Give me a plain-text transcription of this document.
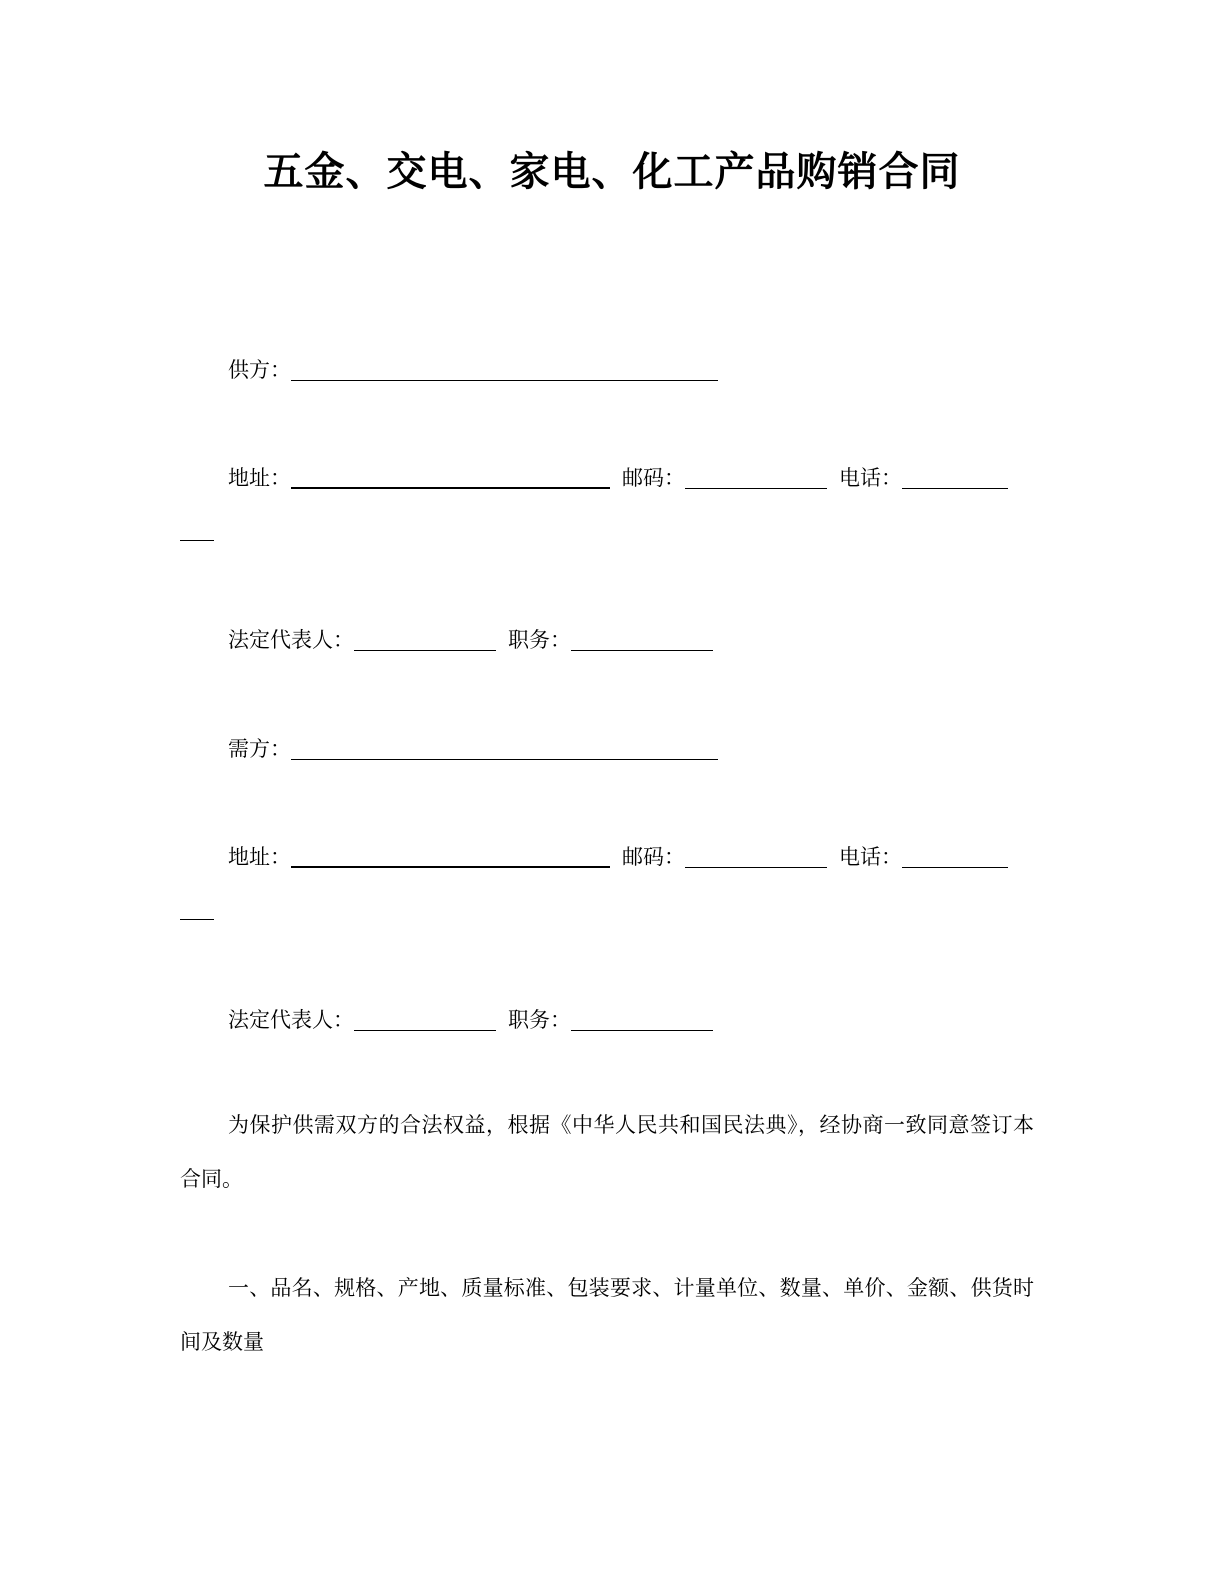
五金、交电、家电、化工产品购销合同
供方：
地址：	邮码：	电话：
法定代表人：	职务：
需方：
地址：	邮码：	电话：
法定代表人：	职务：

为保护供需双方的合法权益，根据《中华人民共和国民法典》，经协商一致同意签订本合同。

一、品名、规格、产地、质量标准、包装要求、计量单位、数量、单价、金额、供货时间及数量
